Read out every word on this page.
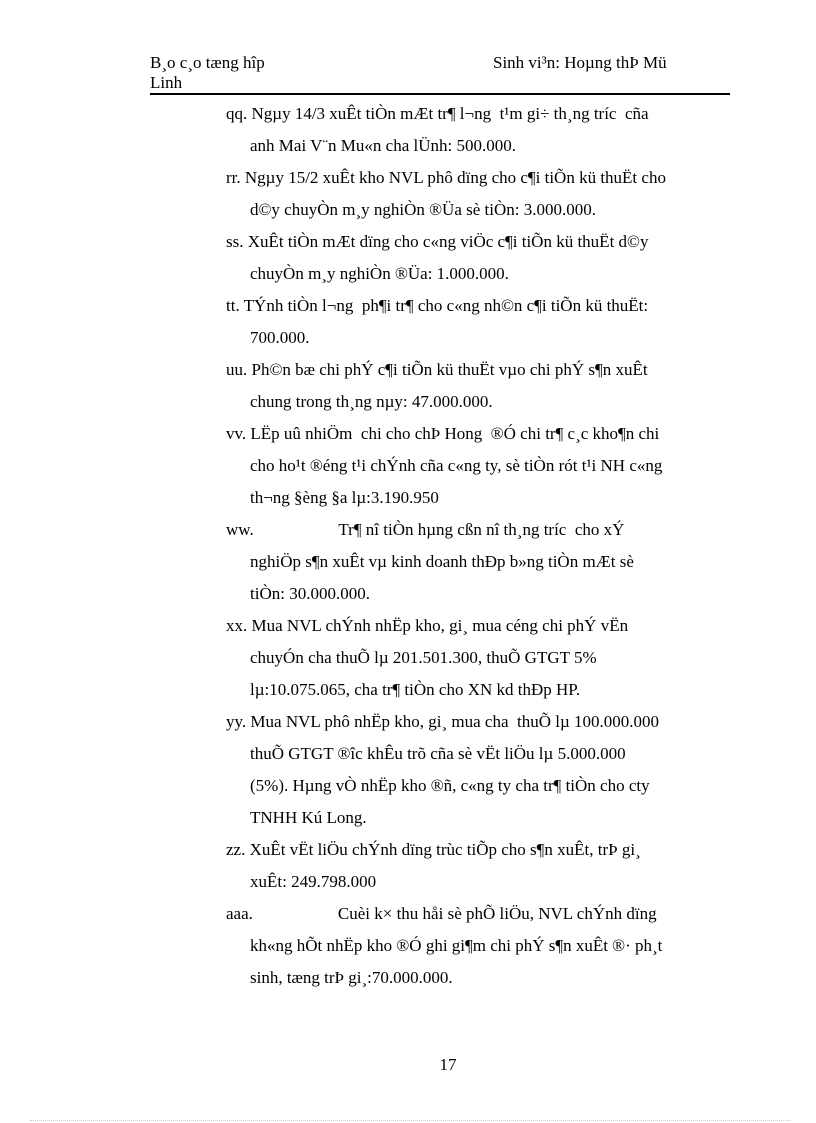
B¸o c¸o tæng hîp
Linh
Sinh vi³n: Hoµng thÞ Mü
qq. Ngµy 14/3 xuÊt tiÒn mÆt tr¶ l¬ng  t¹m gi÷ th¸ng tríc  cña
anh Mai V¨n Mu«n cha lÜnh: 500.000.
rr. Ngµy 15/2 xuÊt kho NVL phô dïng cho c¶i tiÕn kü thuËt cho
d©y chuyÒn m¸y nghiÒn ®Üa sè tiÒn: 3.000.000.
ss. XuÊt tiÒn mÆt dïng cho c«ng viÖc c¶i tiÕn kü thuËt d©y
chuyÒn m¸y nghiÒn ®Üa: 1.000.000.
tt. TÝnh tiÒn l¬ng  ph¶i tr¶ cho c«ng nh©n c¶i tiÕn kü thuËt:
700.000.
uu. Ph©n bæ chi phÝ c¶i tiÕn kü thuËt vµo chi phÝ s¶n xuÊt
chung trong th¸ng nµy: 47.000.000.
vv. LËp uû nhiÖm  chi cho chÞ Hong  ®Ó chi tr¶ c¸c kho¶n chi
cho ho¹t ®éng t¹i chÝnh cña c«ng ty, sè tiÒn rót t¹i NH c«ng
th¬ng §èng §a lµ:3.190.950
ww.                    Tr¶ nî tiÒn hµng cßn nî th¸ng tríc  cho xÝ
nghiÖp s¶n xuÊt vµ kinh doanh thÐp b»ng tiÒn mÆt sè
tiÒn: 30.000.000.
xx. Mua NVL chÝnh nhËp kho, gi¸ mua céng chi phÝ vËn
chuyÓn cha thuÕ lµ 201.501.300, thuÕ GTGT 5%
lµ:10.075.065, cha tr¶ tiÒn cho XN kd thÐp HP.
yy. Mua NVL phô nhËp kho, gi¸ mua cha  thuÕ lµ 100.000.000
thuÕ GTGT ®îc khÊu trõ cña sè vËt liÖu lµ 5.000.000
(5%). Hµng vÒ nhËp kho ®ñ, c«ng ty cha tr¶ tiÒn cho cty
TNHH Kú Long.
zz. XuÊt vËt liÖu chÝnh dïng trùc tiÕp cho s¶n xuÊt, trÞ gi¸
xuÊt: 249.798.000
aaa.                    Cuèi k× thu håi sè phÕ liÖu, NVL chÝnh dïng
kh«ng hÕt nhËp kho ®Ó ghi gi¶m chi phÝ s¶n xuÊt ®· ph¸t
sinh, tæng trÞ gi¸:70.000.000.
17
